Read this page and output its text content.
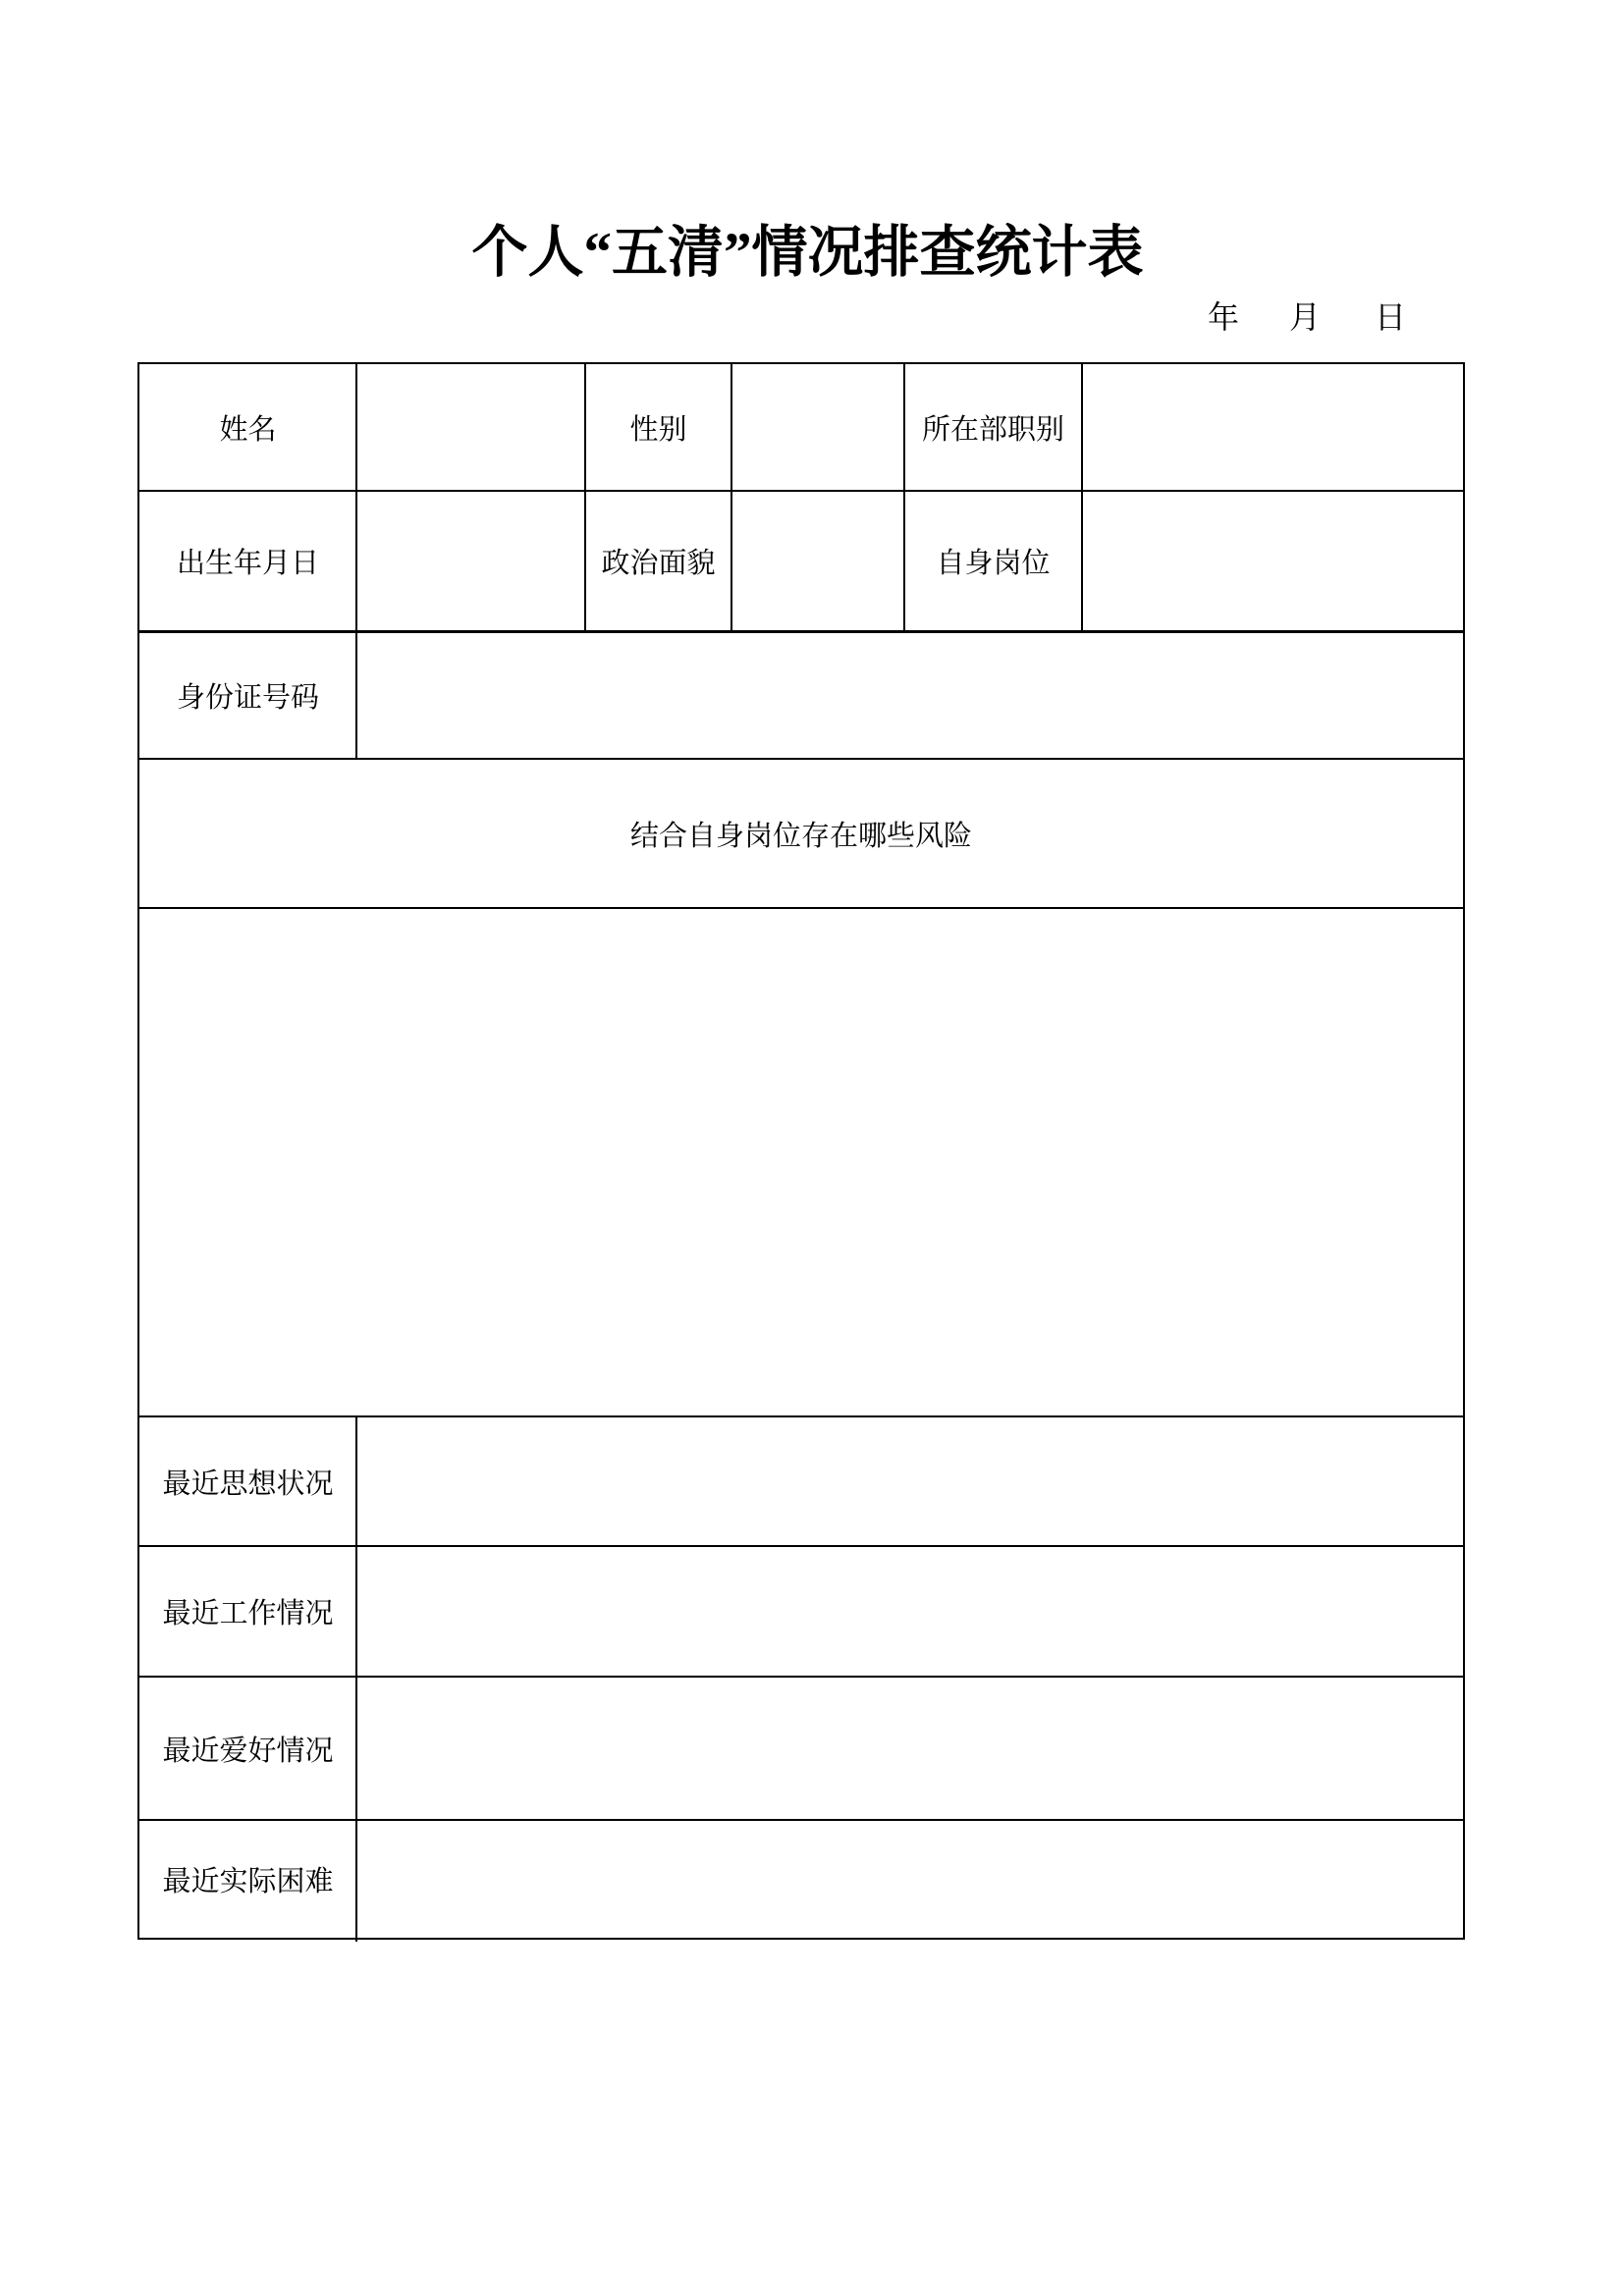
个人“五清”情况排查统计表
年 月 日
姓名	性别	所在部职别
出生年月日	政治面貌	自身岗位
身份证号码
结合自身岗位存在哪些风险
最近思想状况
最近工作情况
最近爱好情况
最近实际困难
